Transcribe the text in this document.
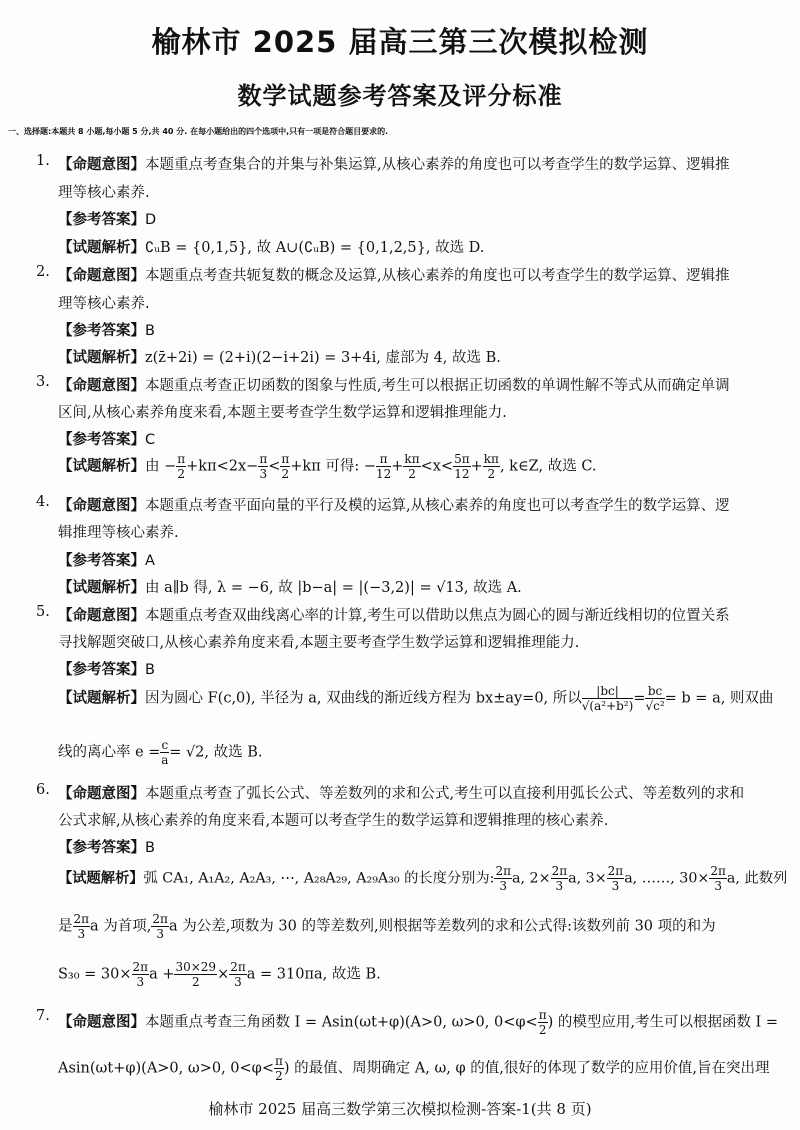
榆林市 2025 届高三第三次模拟检测
数学试题参考答案及评分标准
一、选择题:本题共 8 小题,每小题 5 分,共 40 分. 在每小题给出的四个选项中,只有一项是符合题目要求的.
1. 【命题意图】本题重点考查集合的并集与补集运算,从核心素养的角度也可以考查学生的数学运算、逻辑推
理等核心素养.
【参考答案】D
【试题解析】∁ᵤB = {0,1,5}, 故 A∪(∁ᵤB) = {0,1,2,5}, 故选 D.
2. 【命题意图】本题重点考查共轭复数的概念及运算,从核心素养的角度也可以考查学生的数学运算、逻辑推
理等核心素养.
【参考答案】B
【试题解析】z(z̄+2i) = (2+i)(2−i+2i) = 3+4i, 虚部为 4, 故选 B.
3. 【命题意图】本题重点考查正切函数的图象与性质,考生可以根据正切函数的单调性解不等式从而确定单调
区间,从核心素养角度来看,本题主要考查学生数学运算和逻辑推理能力.
【参考答案】C
【试题解析】由 − $\frac{\pi}{2} +k\pi<2x- \frac{\pi}{3} < \frac{\pi}{2} +k\pi$ 可得: − $\frac{\pi}{12} + \frac{k\pi}{2} <x< \frac{5\pi}{12} + \frac{k\pi}{2}$ , k∈Z, 故选 C.
4. 【命题意图】本题重点考查平面向量的平行及模的运算,从核心素养的角度也可以考查学生的数学运算、逻
辑推理等核心素养.
【参考答案】A
【试题解析】由 a∥b 得, λ = −6, 故 |b−a| = |(−3,2)| = √13, 故选 A.
5. 【命题意图】本题重点考查双曲线离心率的计算,考生可以借助以焦点为圆心的圆与渐近线相切的位置关系
寻找解题突破口,从核心素养角度来看,本题主要考查学生数学运算和逻辑推理能力.
【参考答案】B
【试题解析】因为圆心 F(c,0), 半径为 a, 双曲线的渐近线方程为 bx±ay=0, 所以 $\frac{|bc|}{\text{√(a²+b²)}} = \frac{bc}{\text{√c²}} = b = a$, 则双曲
线的离心率 $e = \frac{c}{a} = √2$, 故选 B.
6. 【命题意图】本题重点考查了弧长公式、等差数列的求和公式,考生可以直接利用弧长公式、等差数列的求和
公式求解,从核心素养的角度来看,本题可以考查学生的数学运算和逻辑推理的核心素养.
【参考答案】B
【试题解析】弧 CA₁, A₁A₂, A₂A₃, ⋯, A₂₈A₂₉, A₂₉A₃₀ 的长度分别为: $\frac{2\pi}{3} a$, $2\times \frac{2\pi}{3} a$, $3\times \frac{2\pi}{3} a$, ……, $30\times \frac{2\pi}{3} a$, 此数列
是 $\frac{2\pi}{3}$ a 为首项, $\frac{2\pi}{3}$ a 为公差,项数为 30 的等差数列,则根据等差数列的求和公式得:该数列前 30 项的和为
$S_{30} = 30\times \frac{2\pi}{3}$ $a + \frac{30\times 29}{2} \times \frac{2\pi}{3}$ a = 310πa, 故选 B.
7. 【命题意图】本题重点考查三角函数 I = Asin(ωt+φ)(A>0, ω>0, $0<\varphi< \frac{\pi}{2}$ ) 的模型应用,考生可以根据函数 I =
Asin(ωt+φ)(A>0, ω>0, $0<\varphi< \frac{\pi}{2}$ ) 的最值、周期确定 A, ω, φ 的值,很好的体现了数学的应用价值,旨在突出理
榆林市 2025 届高三数学第三次模拟检测-答案-1(共 8 页)
